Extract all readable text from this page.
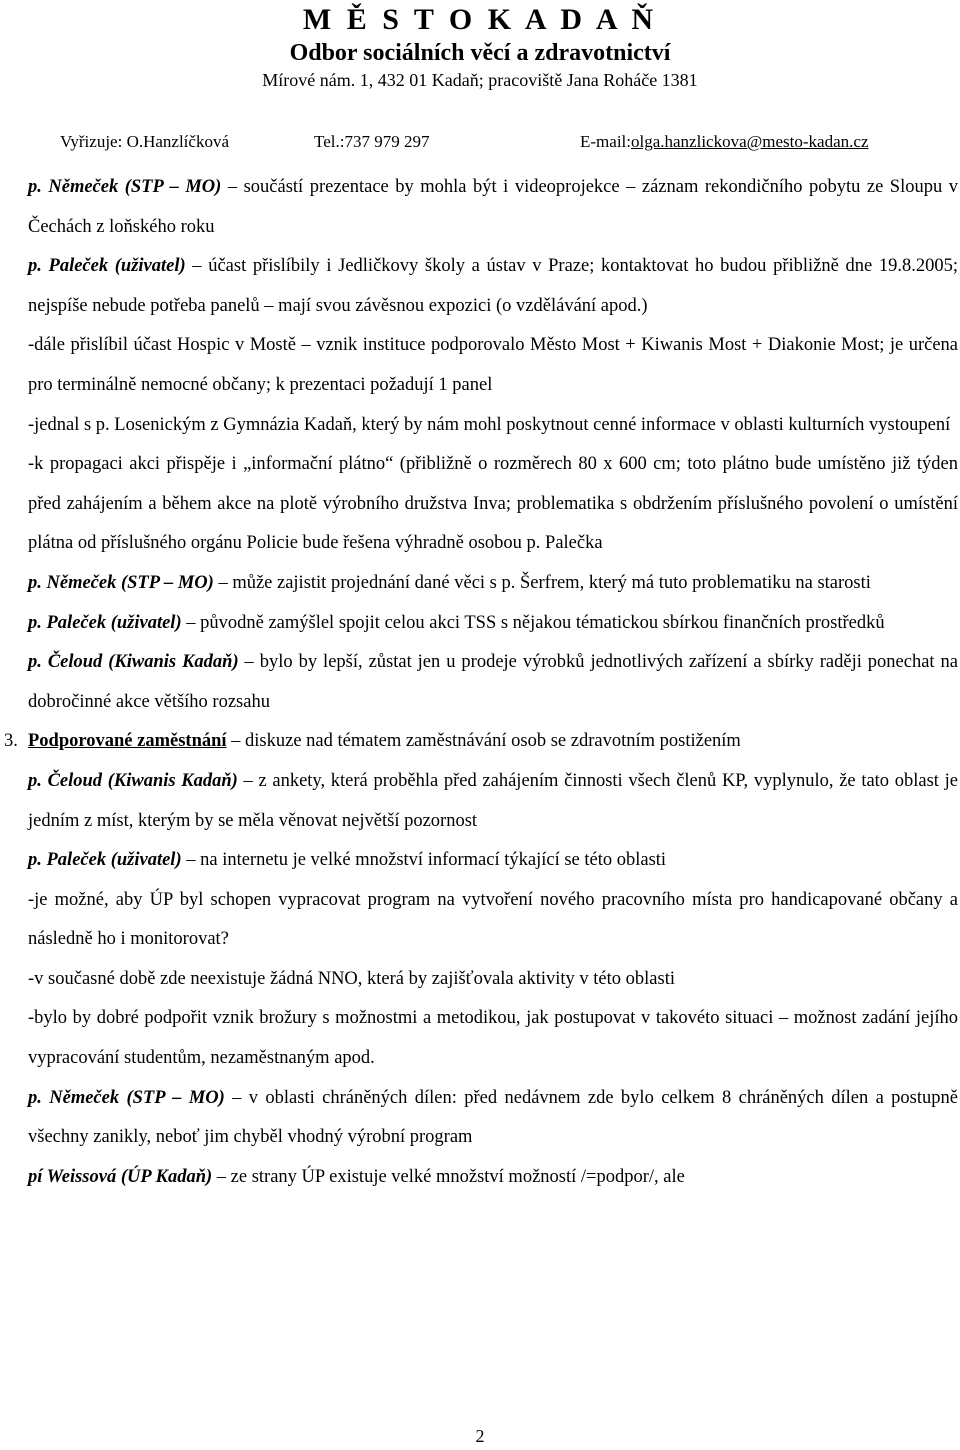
M Ě S T O K A D A Ň
Odbor sociálních věcí a zdravotnictví
Mírové nám. 1, 432 01 Kadaň; pracoviště Jana Roháče 1381
Vyřizuje: O.Hanzlíčková	Tel.:737 979 297	E-mail:olga.hanzlickova@mesto-kadan.cz

p. Němeček (STP – MO) – součástí prezentace by mohla být i videoprojekce – záznam rekondičního pobytu ze Sloupu v Čechách z loňského roku

p. Paleček (uživatel) – účast přislíbily i Jedličkovy školy a ústav v Praze; kontaktovat ho budou přibližně dne 19.8.2005; nejspíše nebude potřeba panelů – mají svou závěsnou expozici (o vzdělávání apod.)

-dále přislíbil účast Hospic v Mostě – vznik instituce podporovalo Město Most + Kiwanis Most + Diakonie Most; je určena pro terminálně nemocné občany; k prezentaci požadují 1 panel

-jednal s p. Losenickým z Gymnázia Kadaň, který by nám mohl poskytnout cenné informace v oblasti kulturních vystoupení

-k propagaci akci přispěje i „informační plátno“ (přibližně o rozměrech 80 x 600 cm; toto plátno bude umístěno již týden před zahájením a během akce na plotě výrobního družstva Inva; problematika s obdržením příslušného povolení o umístění plátna od příslušného orgánu Policie bude řešena výhradně osobou p. Palečka

p. Němeček (STP – MO) – může zajistit projednání dané věci s p. Šerfrem, který má tuto problematiku na starosti

p. Paleček (uživatel) – původně zamýšlel spojit celou akci TSS s nějakou tématickou sbírkou finančních prostředků

p. Čeloud (Kiwanis Kadaň) – bylo by lepší, zůstat jen u prodeje výrobků jednotlivých zařízení a sbírky raději ponechat na dobročinné akce většího rozsahu

3. Podporované zaměstnání – diskuze nad tématem zaměstnávání osob se zdravotním postižením

p. Čeloud (Kiwanis Kadaň) – z ankety, která proběhla před zahájením činnosti všech členů KP, vyplynulo, že tato oblast je jedním z míst, kterým by se měla věnovat největší pozornost

p. Paleček (uživatel) – na internetu je velké množství informací týkající se této oblasti

-je možné, aby ÚP byl schopen vypracovat program na vytvoření nového pracovního místa pro handicapované občany a následně ho i monitorovat?

-v současné době zde neexistuje žádná NNO, která by zajišťovala aktivity v této oblasti

-bylo by dobré podpořit vznik brožury s možnostmi a metodikou, jak postupovat v takovéto situaci – možnost zadání jejího vypracování studentům, nezaměstnaným apod.

p. Němeček (STP – MO) – v oblasti chráněných dílen: před nedávnem zde bylo celkem 8 chráněných dílen a postupně všechny zanikly, neboť jim chyběl vhodný výrobní program

pí Weissová (ÚP Kadaň) – ze strany ÚP existuje velké množství možností /=podpor/, ale

2
